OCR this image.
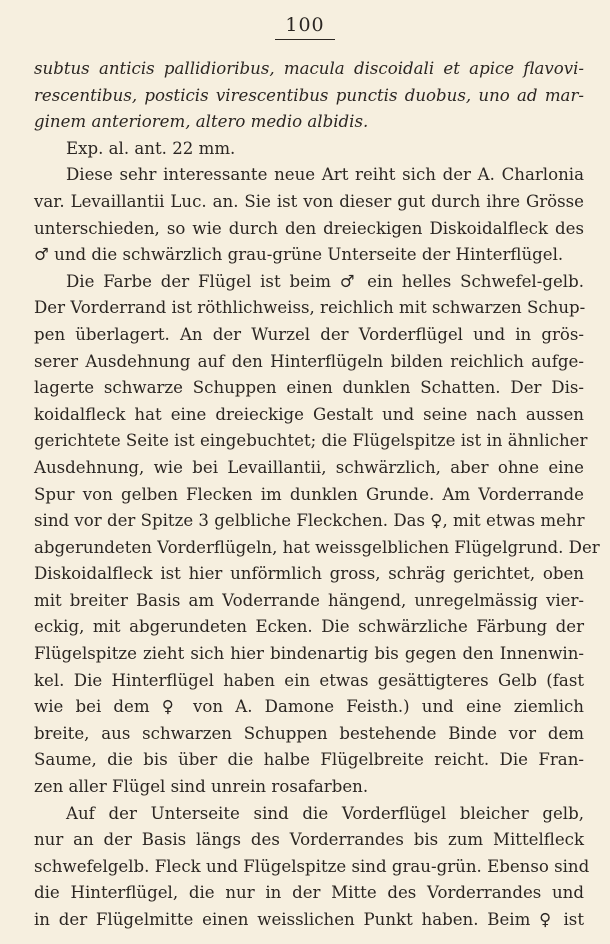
100
subtus anticis pallidioribus, macula discoidali et apice flavovi-
rescentibus, posticis virescentibus punctis duobus, uno ad mar-
ginem anteriorem, altero medio albidis.
Exp. al. ant. 22 mm.
Diese sehr interessante neue Art reiht sich der A. Charlonia
var. Levaillantii Luc. an. Sie ist von dieser gut durch ihre Grösse
unterschieden, so wie durch den dreieckigen Diskoidalfleck des
♂ und die schwärzlich grau-grüne Unterseite der Hinterflügel.
Die Farbe der Flügel ist beim ♂ ein helles Schwefel-gelb.
Der Vorderrand ist röthlichweiss, reichlich mit schwarzen Schup-
pen überlagert. An der Wurzel der Vorderflügel und in grös-
serer Ausdehnung auf den Hinterflügeln bilden reichlich aufge-
lagerte schwarze Schuppen einen dunklen Schatten. Der Dis-
koidalfleck hat eine dreieckige Gestalt und seine nach aussen
gerichtete Seite ist eingebuchtet; die Flügelspitze ist in ähnlicher
Ausdehnung, wie bei Levaillantii, schwärzlich, aber ohne eine
Spur von gelben Flecken im dunklen Grunde. Am Vorderrande
sind vor der Spitze 3 gelbliche Fleckchen. Das ♀, mit etwas mehr
abgerundeten Vorderflügeln, hat weissgelblichen Flügelgrund. Der
Diskoidalfleck ist hier unförmlich gross, schräg gerichtet, oben
mit breiter Basis am Voderrande hängend, unregelmässig vier-
eckig, mit abgerundeten Ecken. Die schwärzliche Färbung der
Flügelspitze zieht sich hier bindenartig bis gegen den Innenwin-
kel. Die Hinterflügel haben ein etwas gesättigteres Gelb (fast
wie bei dem ♀ von A. Damone Feisth.) und eine ziemlich
breite, aus schwarzen Schuppen bestehende Binde vor dem
Saume, die bis über die halbe Flügelbreite reicht. Die Fran-
zen aller Flügel sind unrein rosafarben.
Auf der Unterseite sind die Vorderflügel bleicher gelb,
nur an der Basis längs des Vorderrandes bis zum Mittelfleck
schwefelgelb. Fleck und Flügelspitze sind grau-grün. Ebenso sind
die Hinterflügel, die nur in der Mitte des Vorderrandes und
in der Flügelmitte einen weisslichen Punkt haben. Beim ♀ ist
